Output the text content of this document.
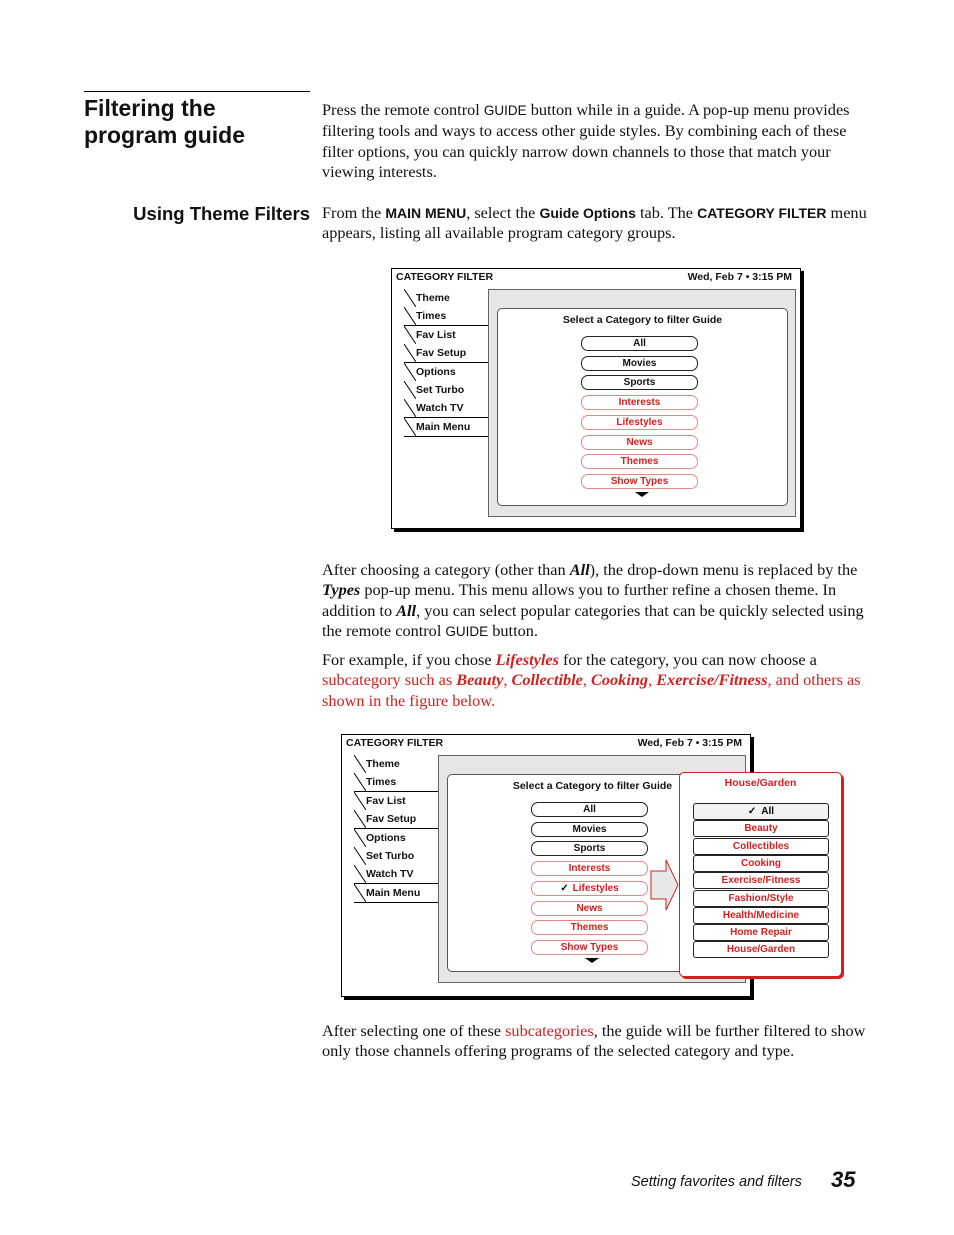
Filtering the program guide
Press the remote control GUIDE button while in a guide. A pop-up menu provides filtering tools and ways to access other guide styles. By combining each of these filter options, you can quickly narrow down channels to those that match your viewing interests.
Using Theme Filters From the MAIN MENU, select the Guide Options tab. The CATEGORY FILTER menu appears, listing all available program category groups.
CATEGORY FILTER	Wed, Feb 7 • 3:15 PM
Select a Category to filter Guide
Theme
Times
Fav List
Fav Setup
Options
Set Turbo
Watch TV
Main Menu
All
Movies
Sports
Interests
Lifestyles
News
Themes
Show Types
After choosing a category (other than All), the drop-down menu is replaced by the Types pop-up menu. This menu allows you to further refine a chosen theme. In addition to All, you can select popular categories that can be quickly selected using the remote control GUIDE button.
For example, if you chose Lifestyles for the category, you can now choose a subcategory such as Beauty, Collectible, Cooking, Exercise/Fitness, and others as shown in the figure below.
CATEGORY FILTER	Wed, Feb 7 • 3:15 PM
Select a Category to filter Guide
Theme
Times
Fav List
Fav Setup
Options
Set Turbo
Watch TV
Main Menu
All
Movies
Sports
Interests
✓ Lifestyles
News
Themes
Show Types
House/Garden
✓ All
Beauty
Collectibles
Cooking
Exercise/Fitness
Fashion/Style
Health/Medicine
Home Repair
House/Garden
After selecting one of these subcategories, the guide will be further filtered to show only those channels offering programs of the selected category and type.
Setting favorites and filters 35
